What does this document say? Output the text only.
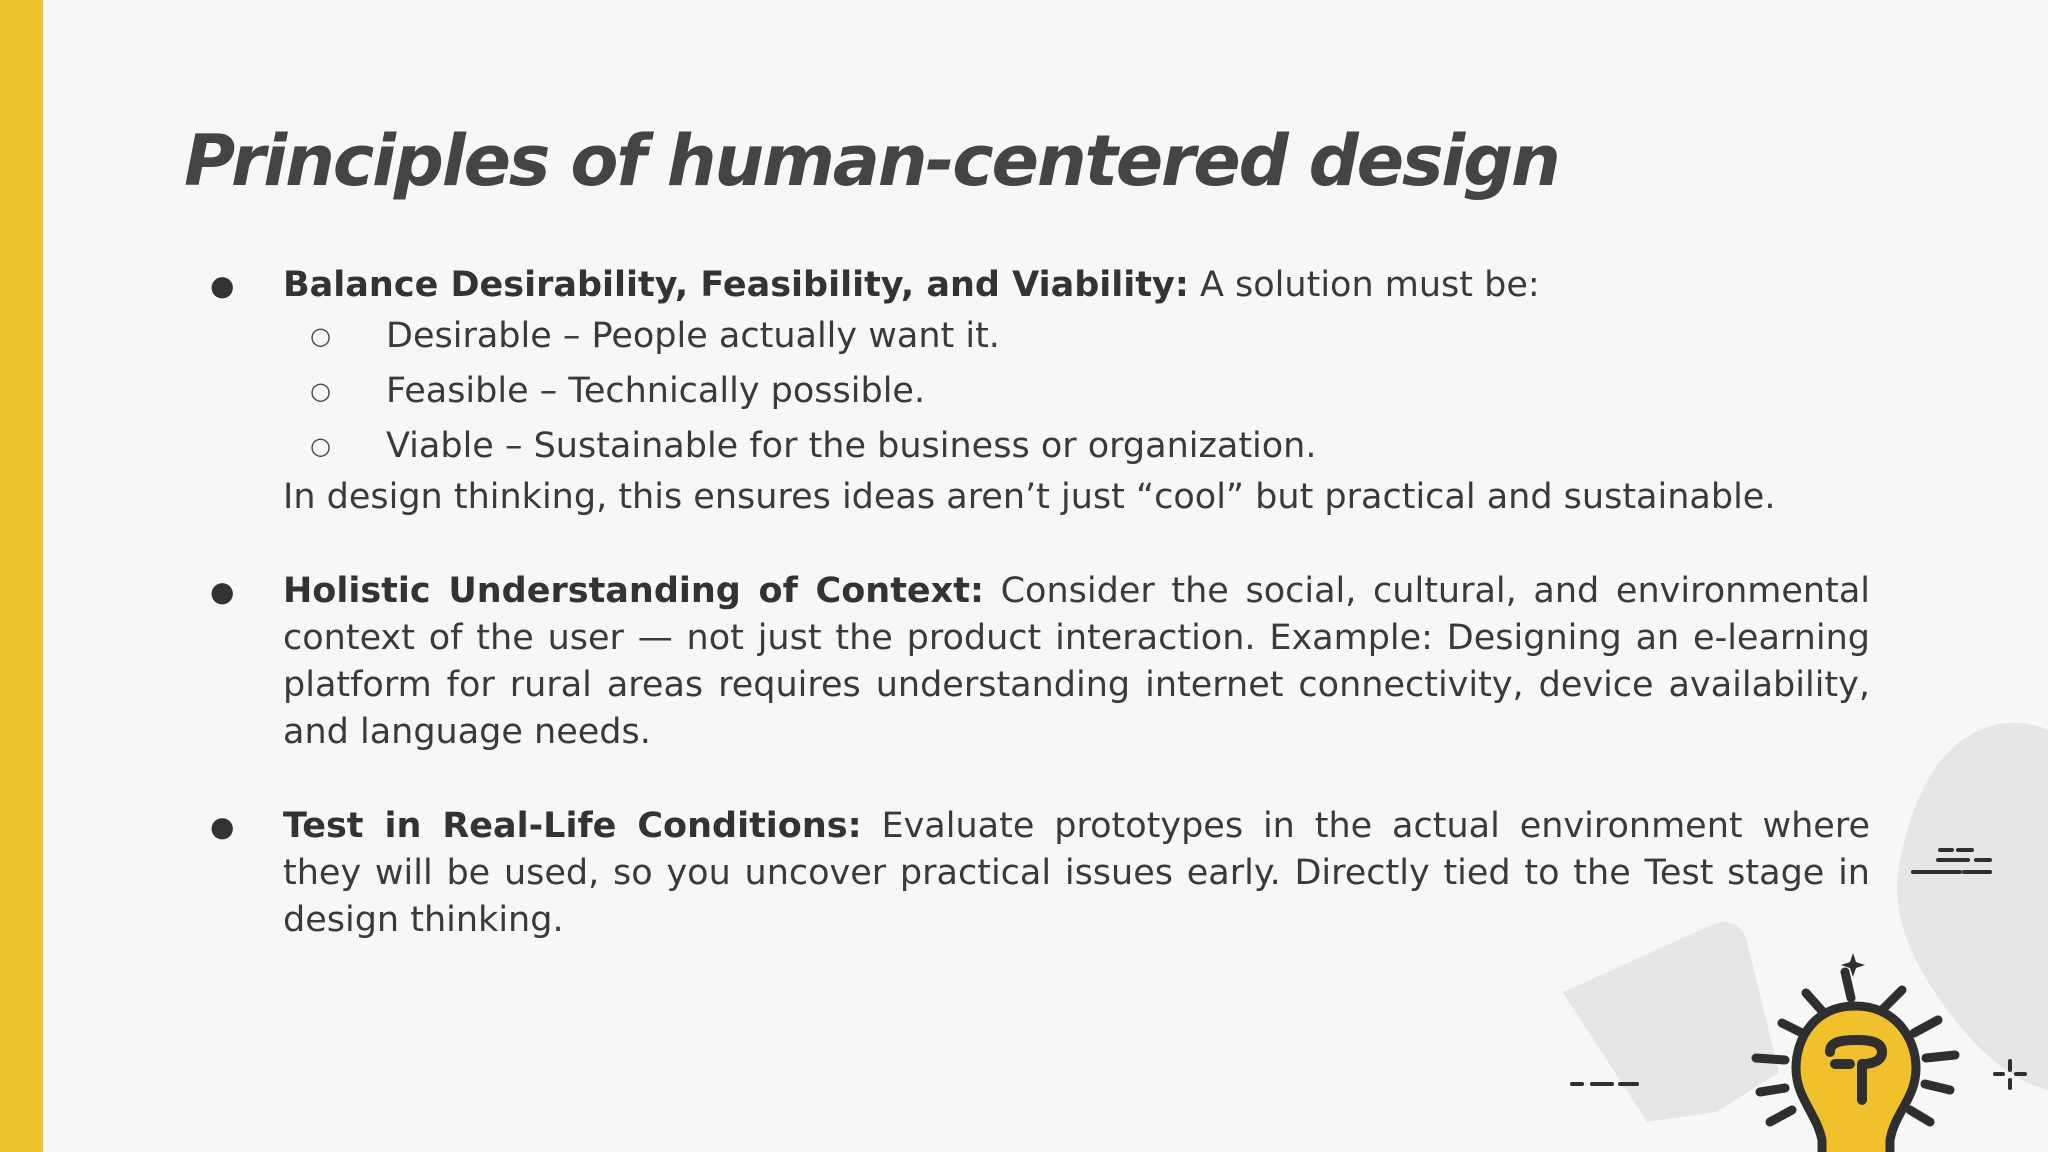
Principles of human-centered design
● Balance Desirability, Feasibility, and Viability: A solution must be:
○ Desirable – People actually want it.
○ Feasible – Technically possible.
○ Viable – Sustainable for the business or organization.
In design thinking, this ensures ideas aren’t just “cool” but practical and sustainable.
● Holistic Understanding of Context: Consider the social, cultural, and environmental context of the user — not just the product interaction. Example: Designing an e-learning platform for rural areas requires understanding internet connectivity, device availability, and language needs.
● Test in Real-Life Conditions: Evaluate prototypes in the actual environment where they will be used, so you uncover practical issues early. Directly tied to the Test stage in design thinking.
